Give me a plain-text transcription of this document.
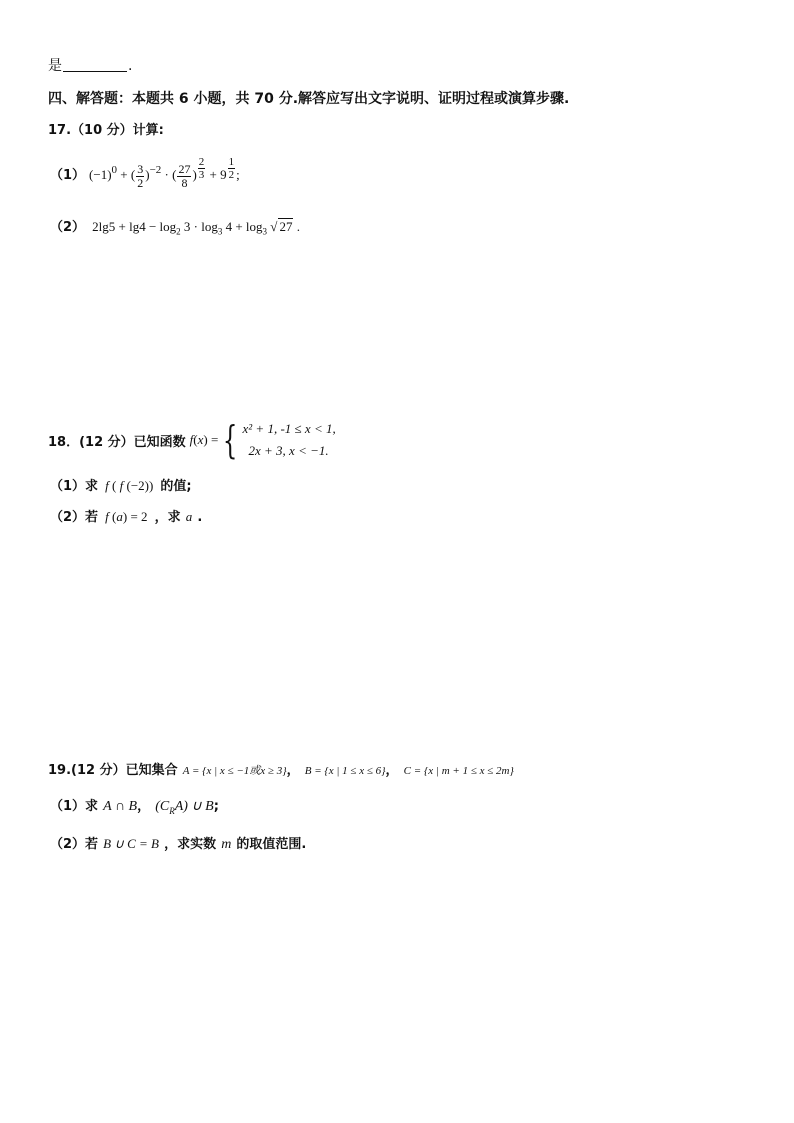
是	.
四、解答题：本题共 6 小题，共 70 分.解答应写出文字说明、证明过程或演算步骤.
17.（10 分）计算:
（1） $(-1)^0$ + ( $\frac{3}{2} )^{-2}$ · ( $\frac{27}{8}$ ) $\frac{2}{3} + 9 \frac{1}{2}$ ;
（2） $2\lg 5 + \lg 4 - \log_2 3 \cdot \log_3 4 + \log_3$ √ 27 .
18．(12 分）已知函数 f ( x ) = { x² + 1, -1 ≤ x < 1,
2x + 3, x < −1.
（1）求 f ( f (−2)) 的值;
（2）若 f (a) = 2 ，求 a .
19.(12 分）已知集合 A = {x | x ≤ −1或x ≥ 3}， B = {x | 1 ≤ x ≤ 6}， C = {x | m + 1 ≤ x ≤ 2m}
（1）求 A ∩ B， $(C_RA)$ ∪ B;
（2）若 B ∪ C = B ，求实数 m 的取值范围.
